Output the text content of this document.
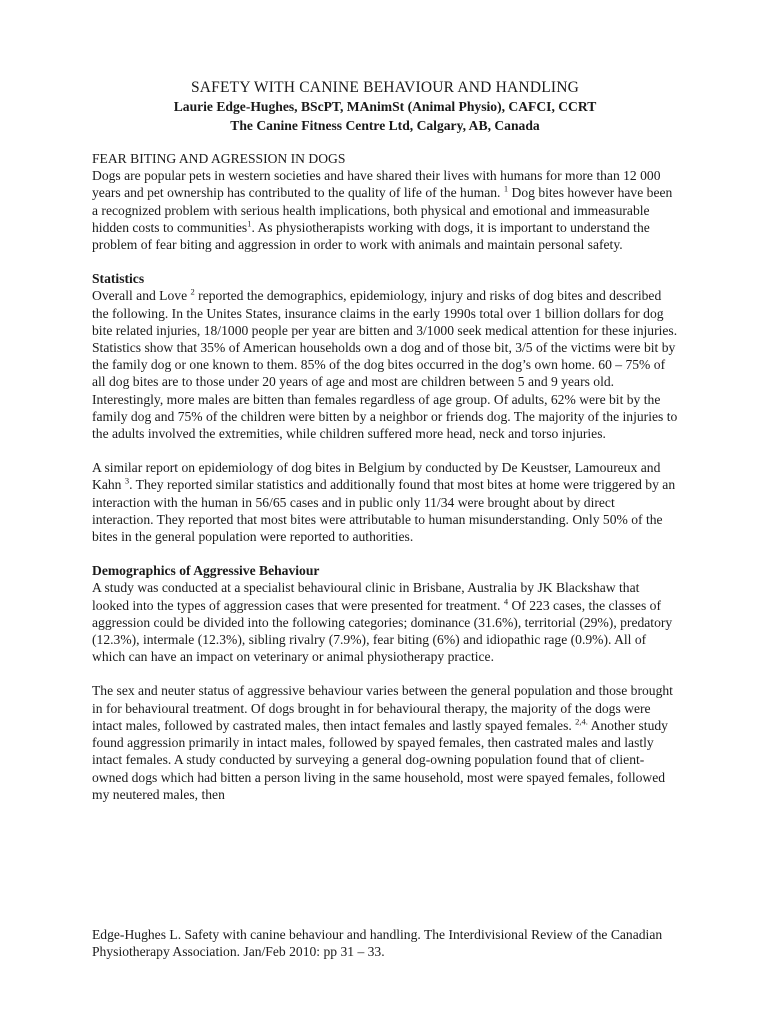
SAFETY WITH CANINE BEHAVIOUR AND HANDLING

Laurie Edge-Hughes, BScPT, MAnimSt (Animal Physio), CAFCI, CCRT

The Canine Fitness Centre Ltd, Calgary, AB, Canada

FEAR BITING AND AGRESSION IN DOGS

Dogs are popular pets in western societies and have shared their lives with humans for more than 12 000 years and pet ownership has contributed to the quality of life of the human. $^1$ Dog bites however have been a recognized problem with serious health implications, both physical and emotional and immeasurable hidden costs to communities$^1$. As physiotherapists working with dogs, it is important to understand the problem of fear biting and aggression in order to work with animals and maintain personal safety.

Statistics

Overall and Love $^2$ reported the demographics, epidemiology, injury and risks of dog bites and described the following. In the Unites States, insurance claims in the early 1990s total over 1 billion dollars for dog bite related injuries, 18/1000 people per year are bitten and 3/1000 seek medical attention for these injuries. Statistics show that 35% of American households own a dog and of those bit, 3/5 of the victims were bit by the family dog or one known to them. 85% of the dog bites occurred in the dog’s own home. 60 – 75% of all dog bites are to those under 20 years of age and most are children between 5 and 9 years old. Interestingly, more males are bitten than females regardless of age group. Of adults, 62% were bit by the family dog and 75% of the children were bitten by a neighbor or friends dog. The majority of the injuries to the adults involved the extremities, while children suffered more head, neck and torso injuries.

A similar report on epidemiology of dog bites in Belgium by conducted by De Keustser, Lamoureux and Kahn $^3$. They reported similar statistics and additionally found that most bites at home were triggered by an interaction with the human in 56/65 cases and in public only 11/34 were brought about by direct interaction. They reported that most bites were attributable to human misunderstanding. Only 50% of the bites in the general population were reported to authorities.

Demographics of Aggressive Behaviour

A study was conducted at a specialist behavioural clinic in Brisbane, Australia by JK Blackshaw that looked into the types of aggression cases that were presented for treatment. $^4$ Of 223 cases, the classes of aggression could be divided into the following categories; dominance (31.6%), territorial (29%), predatory (12.3%), intermale (12.3%), sibling rivalry (7.9%), fear biting (6%) and idiopathic rage (0.9%). All of which can have an impact on veterinary or animal physiotherapy practice.

The sex and neuter status of aggressive behaviour varies between the general population and those brought in for behavioural treatment. Of dogs brought in for behavioural therapy, the majority of the dogs were intact males, followed by castrated males, then intact females and lastly spayed females. $^{2,4.}$ Another study found aggression primarily in intact males, followed by spayed females, then castrated males and lastly intact females. A study conducted by surveying a general dog-owning population found that of client-owned dogs which had bitten a person living in the same household, most were spayed females, followed my neutered males, then

Edge-Hughes L. Safety with canine behaviour and handling. The Interdivisional Review of the Canadian Physiotherapy Association. Jan/Feb 2010: pp 31 – 33.
